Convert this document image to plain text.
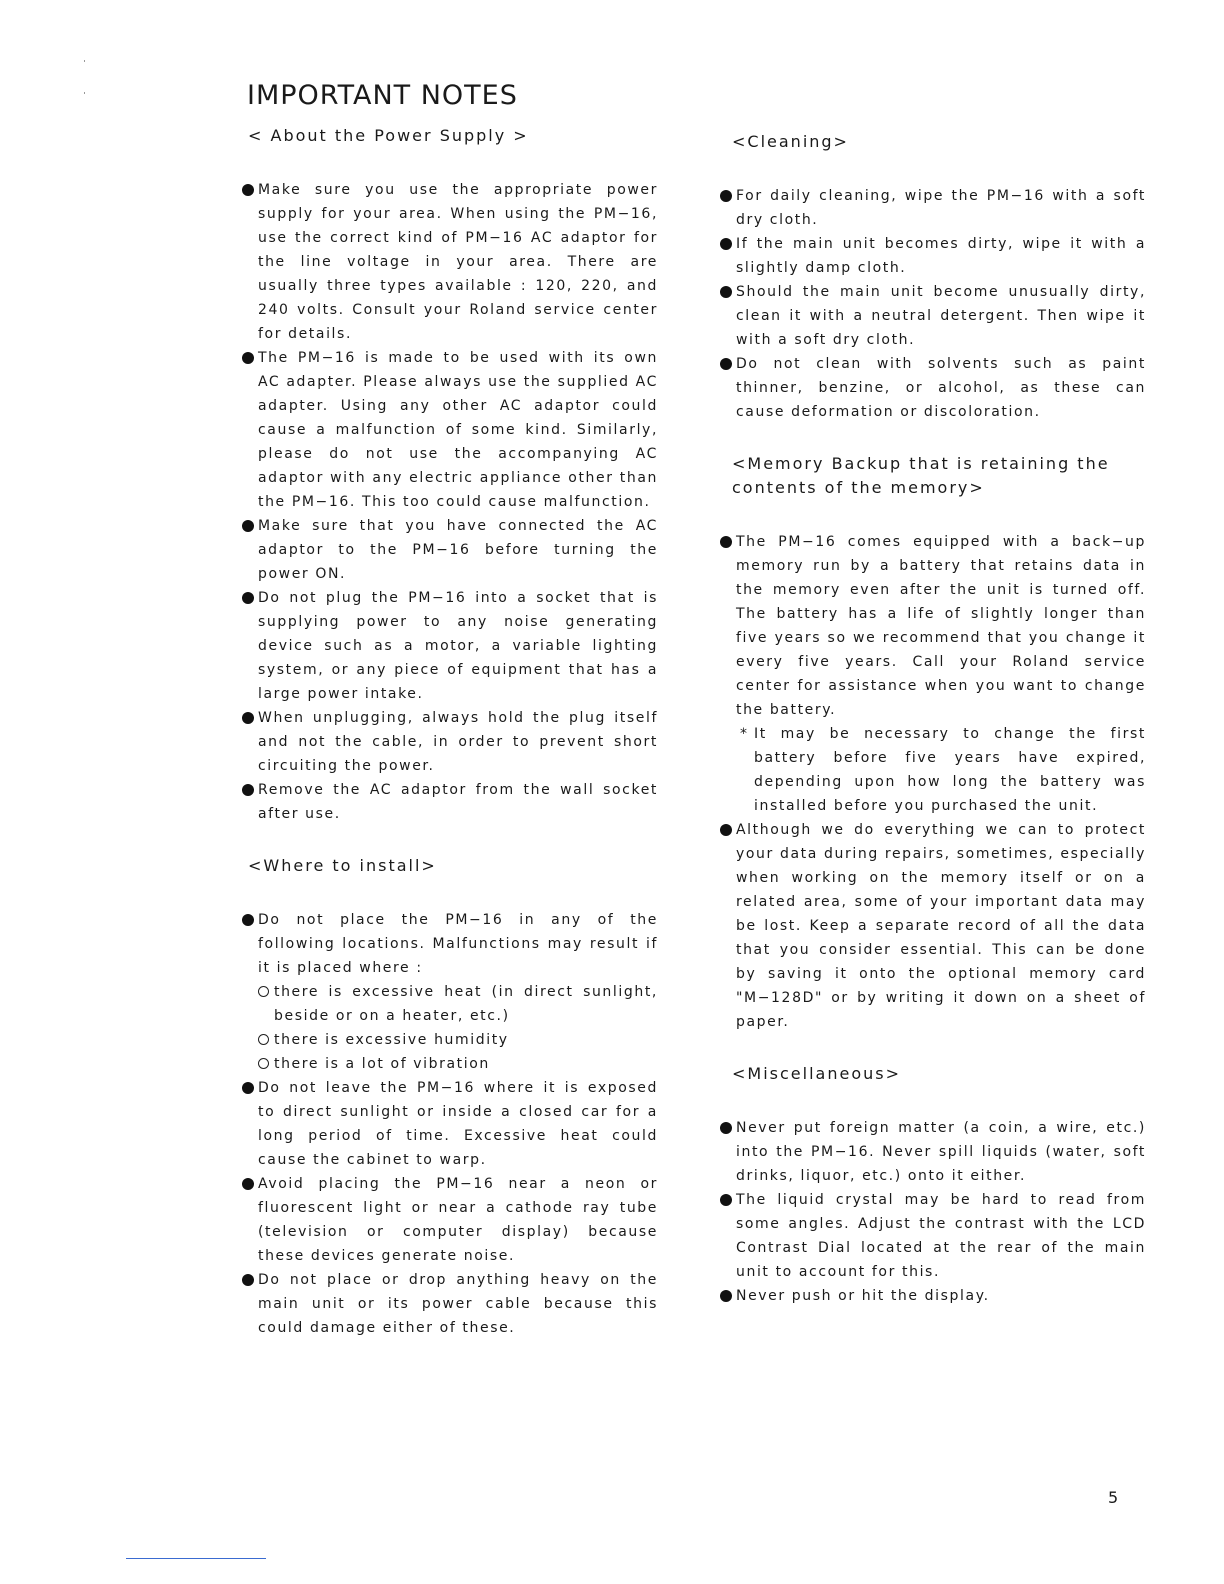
IMPORTANT NOTES

< About the Power Supply >

Make sure you use the appropriate power supply for your area. When using the PM−16, use the correct kind of PM−16 AC adaptor for the line voltage in your area. There are usually three types available : 120, 220, and 240 volts. Consult your Roland service center for details.
The PM−16 is made to be used with its own AC adapter. Please always use the supplied AC adapter. Using any other AC adaptor could cause a malfunction of some kind. Similarly, please do not use the accompanying AC adaptor with any electric appliance other than the PM−16. This too could cause malfunction.
Make sure that you have connected the AC adaptor to the PM−16 before turning the power ON.
Do not plug the PM−16 into a socket that is supplying power to any noise generating device such as a motor, a variable lighting system, or any piece of equipment that has a large power intake.
When unplugging, always hold the plug itself and not the cable, in order to prevent short circuiting the power.
Remove the AC adaptor from the wall socket after use.

<Where to install>

Do not place the PM−16 in any of the following locations. Malfunctions may result if it is placed where :
there is excessive heat (in direct sunlight, beside or on a heater, etc.)
there is excessive humidity
there is a lot of vibration
Do not leave the PM−16 where it is exposed to direct sunlight or inside a closed car for a long period of time. Excessive heat could cause the cabinet to warp.
Avoid placing the PM−16 near a neon or fluorescent light or near a cathode ray tube (television or computer display) because these devices generate noise.
Do not place or drop anything heavy on the main unit or its power cable because this could damage either of these.

<Cleaning>

For daily cleaning, wipe the PM−16 with a soft dry cloth.
If the main unit becomes dirty, wipe it with a slightly damp cloth.
Should the main unit become unusually dirty, clean it with a neutral detergent. Then wipe it with a soft dry cloth.
Do not clean with solvents such as paint thinner, benzine, or alcohol, as these can cause deformation or discoloration.

<Memory Backup that is retaining the contents of the memory>

The PM−16 comes equipped with a back−up memory run by a battery that retains data in the memory even after the unit is turned off. The battery has a life of slightly longer than five years so we recommend that you change it every five years. Call your Roland service center for assistance when you want to change the battery.
* It may be necessary to change the first battery before five years have expired, depending upon how long the battery was installed before you purchased the unit.
Although we do everything we can to protect your data during repairs, sometimes, especially when working on the memory itself or on a related area, some of your important data may be lost. Keep a separate record of all the data that you consider essential. This can be done by saving it onto the optional memory card "M−128D" or by writing it down on a sheet of paper.

<Miscellaneous>

Never put foreign matter (a coin, a wire, etc.) into the PM−16. Never spill liquids (water, soft drinks, liquor, etc.) onto it either.
The liquid crystal may be hard to read from some angles. Adjust the contrast with the LCD Contrast Dial located at the rear of the main unit to account for this.
Never push or hit the display.
5
